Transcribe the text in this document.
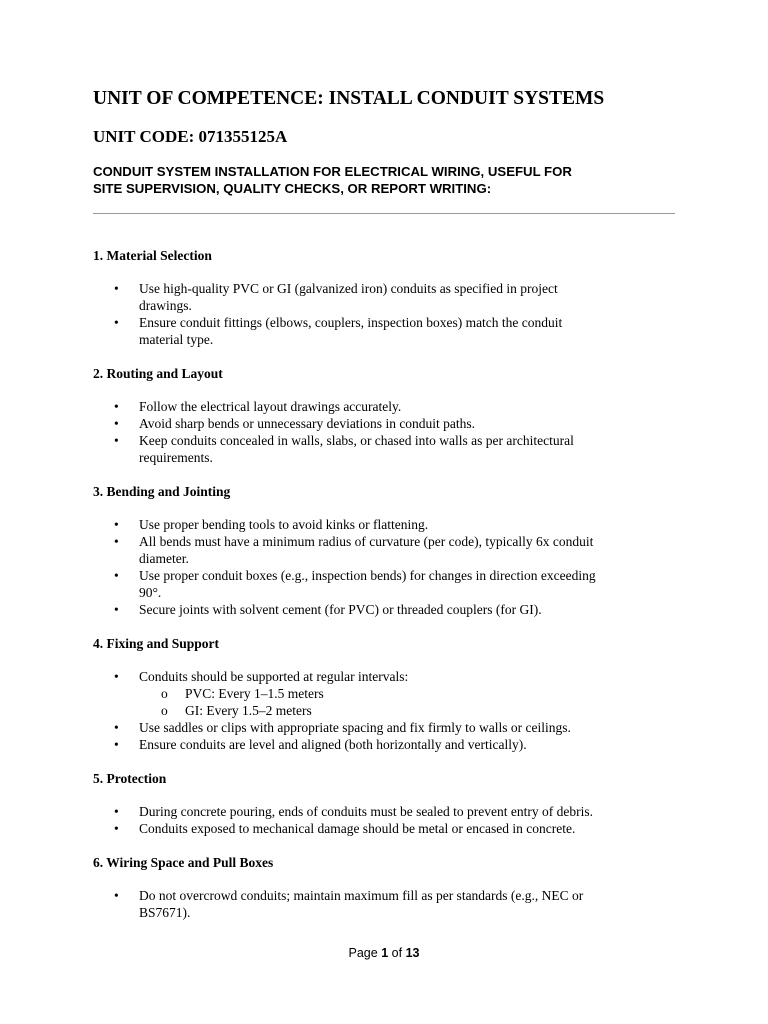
UNIT OF COMPETENCE: INSTALL CONDUIT SYSTEMS
UNIT CODE: 071355125A
CONDUIT SYSTEM INSTALLATION FOR ELECTRICAL WIRING, USEFUL FOR
SITE SUPERVISION, QUALITY CHECKS, OR REPORT WRITING:
1. Material Selection
• Use high-quality PVC or GI (galvanized iron) conduits as specified in project
drawings.
• Ensure conduit fittings (elbows, couplers, inspection boxes) match the conduit
material type.
2. Routing and Layout
• Follow the electrical layout drawings accurately.
• Avoid sharp bends or unnecessary deviations in conduit paths.
• Keep conduits concealed in walls, slabs, or chased into walls as per architectural
requirements.
3. Bending and Jointing
• Use proper bending tools to avoid kinks or flattening.
• All bends must have a minimum radius of curvature (per code), typically 6x conduit
diameter.
• Use proper conduit boxes (e.g., inspection bends) for changes in direction exceeding
90°.
• Secure joints with solvent cement (for PVC) or threaded couplers (for GI).
4. Fixing and Support
• Conduits should be supported at regular intervals:
o PVC: Every 1–1.5 meters
o GI: Every 1.5–2 meters
• Use saddles or clips with appropriate spacing and fix firmly to walls or ceilings.
• Ensure conduits are level and aligned (both horizontally and vertically).
5. Protection
• During concrete pouring, ends of conduits must be sealed to prevent entry of debris.
• Conduits exposed to mechanical damage should be metal or encased in concrete.
6. Wiring Space and Pull Boxes
• Do not overcrowd conduits; maintain maximum fill as per standards (e.g., NEC or
BS7671).
Page 1 of 13
